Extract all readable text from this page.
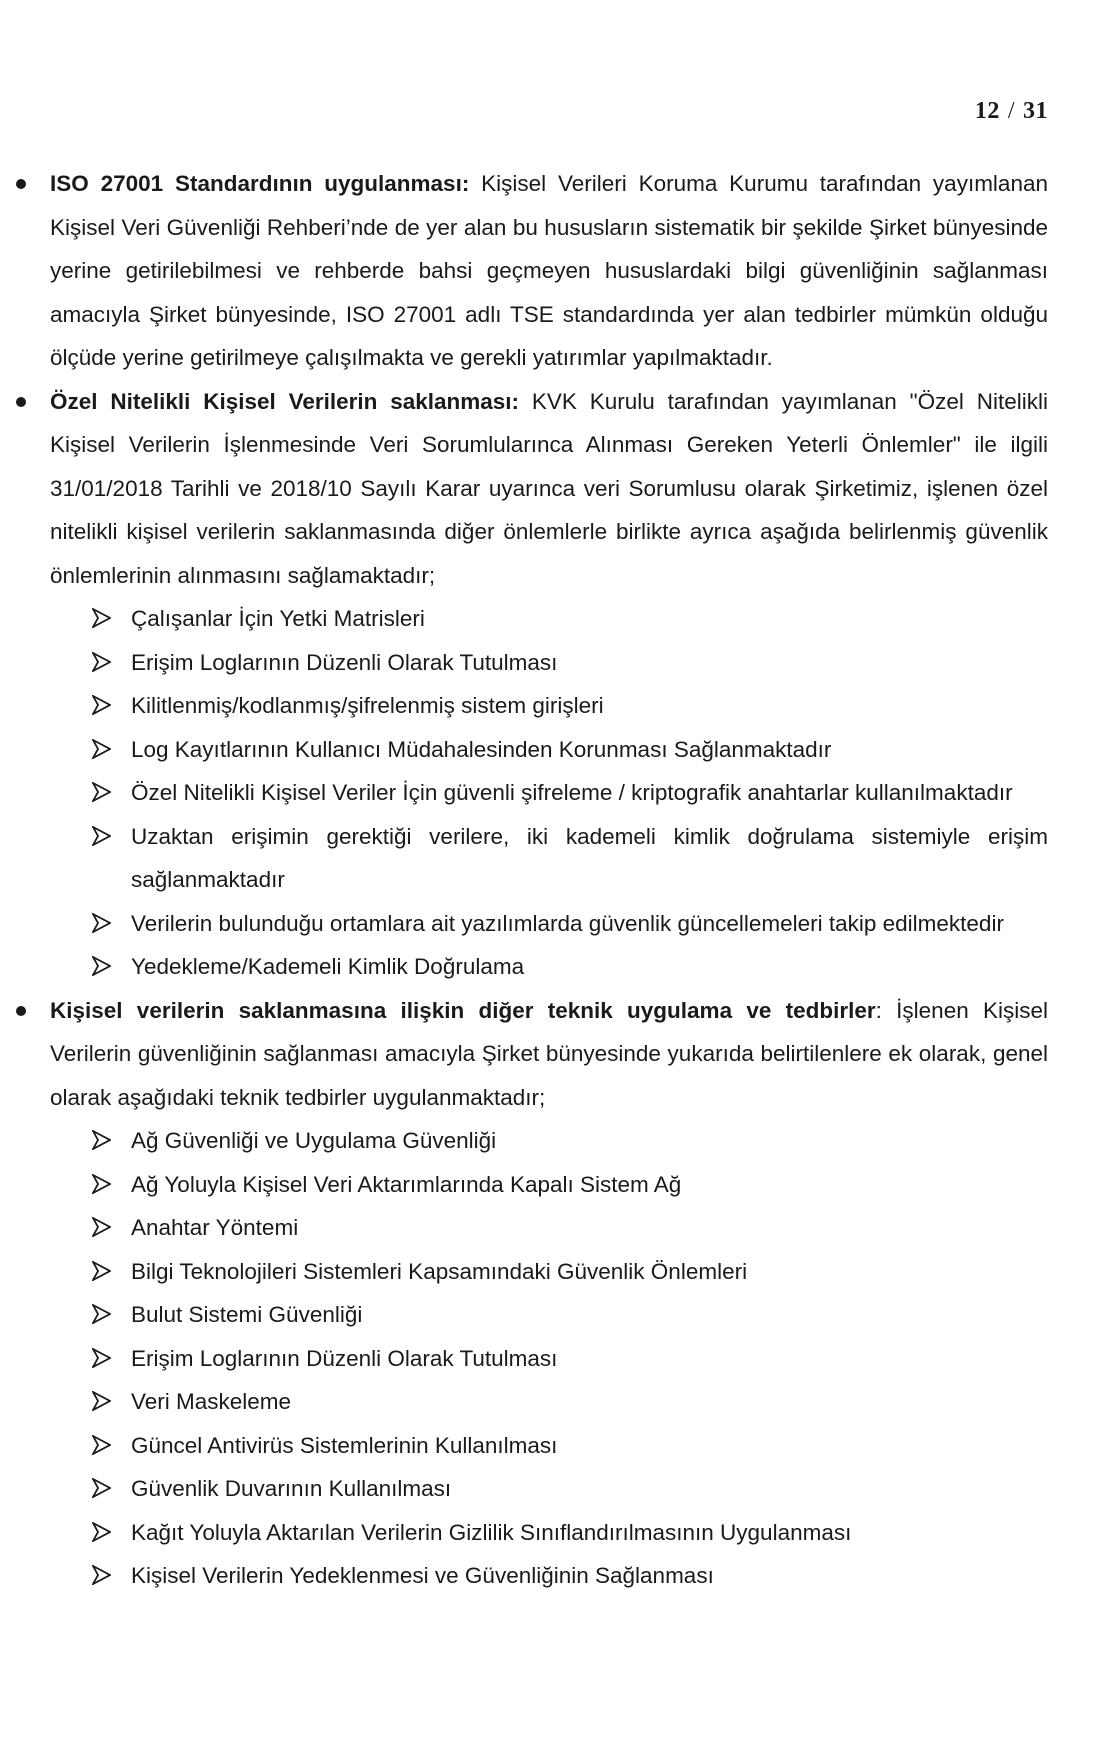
12 / 31
ISO 27001 Standardının uygulanması: Kişisel Verileri Koruma Kurumu tarafından yayımlanan Kişisel Veri Güvenliği Rehberi’nde de yer alan bu hususların sistematik bir şekilde Şirket bünyesinde yerine getirilebilmesi ve rehberde bahsi geçmeyen hususlardaki bilgi güvenliğinin sağlanması amacıyla Şirket bünyesinde, ISO 27001 adlı TSE standardında yer alan tedbirler mümkün olduğu ölçüde yerine getirilmeye çalışılmakta ve gerekli yatırımlar yapılmaktadır.
Özel Nitelikli Kişisel Verilerin saklanması: KVK Kurulu tarafından yayımlanan "Özel Nitelikli Kişisel Verilerin İşlenmesinde Veri Sorumlularınca Alınması Gereken Yeterli Önlemler" ile ilgili 31/01/2018 Tarihli ve 2018/10 Sayılı Karar uyarınca veri Sorumlusu olarak Şirketimiz, işlenen özel nitelikli kişisel verilerin saklanmasında diğer önlemlerle birlikte ayrıca aşağıda belirlenmiş güvenlik önlemlerinin alınmasını sağlamaktadır;
Çalışanlar İçin Yetki Matrisleri
Erişim Loglarının Düzenli Olarak Tutulması
Kilitlenmiş/kodlanmış/şifrelenmiş sistem girişleri
Log Kayıtlarının Kullanıcı Müdahalesinden Korunması Sağlanmaktadır
Özel Nitelikli Kişisel Veriler İçin güvenli şifreleme / kriptografik anahtarlar kullanılmaktadır
Uzaktan erişimin gerektiği verilere, iki kademeli kimlik doğrulama sistemiyle erişim sağlanmaktadır
Verilerin bulunduğu ortamlara ait yazılımlarda güvenlik güncellemeleri takip edilmektedir
Yedekleme/Kademeli Kimlik Doğrulama
Kişisel verilerin saklanmasına ilişkin diğer teknik uygulama ve tedbirler: İşlenen Kişisel Verilerin güvenliğinin sağlanması amacıyla Şirket bünyesinde yukarıda belirtilenlere ek olarak, genel olarak aşağıdaki teknik tedbirler uygulanmaktadır;
Ağ Güvenliği ve Uygulama Güvenliği
Ağ Yoluyla Kişisel Veri Aktarımlarında Kapalı Sistem Ağ
Anahtar Yöntemi
Bilgi Teknolojileri Sistemleri Kapsamındaki Güvenlik Önlemleri
Bulut Sistemi Güvenliği
Erişim Loglarının Düzenli Olarak Tutulması
Veri Maskeleme
Güncel Antivirüs Sistemlerinin Kullanılması
Güvenlik Duvarının Kullanılması
Kağıt Yoluyla Aktarılan Verilerin Gizlilik Sınıflandırılmasının Uygulanması
Kişisel Verilerin Yedeklenmesi ve Güvenliğinin Sağlanması
